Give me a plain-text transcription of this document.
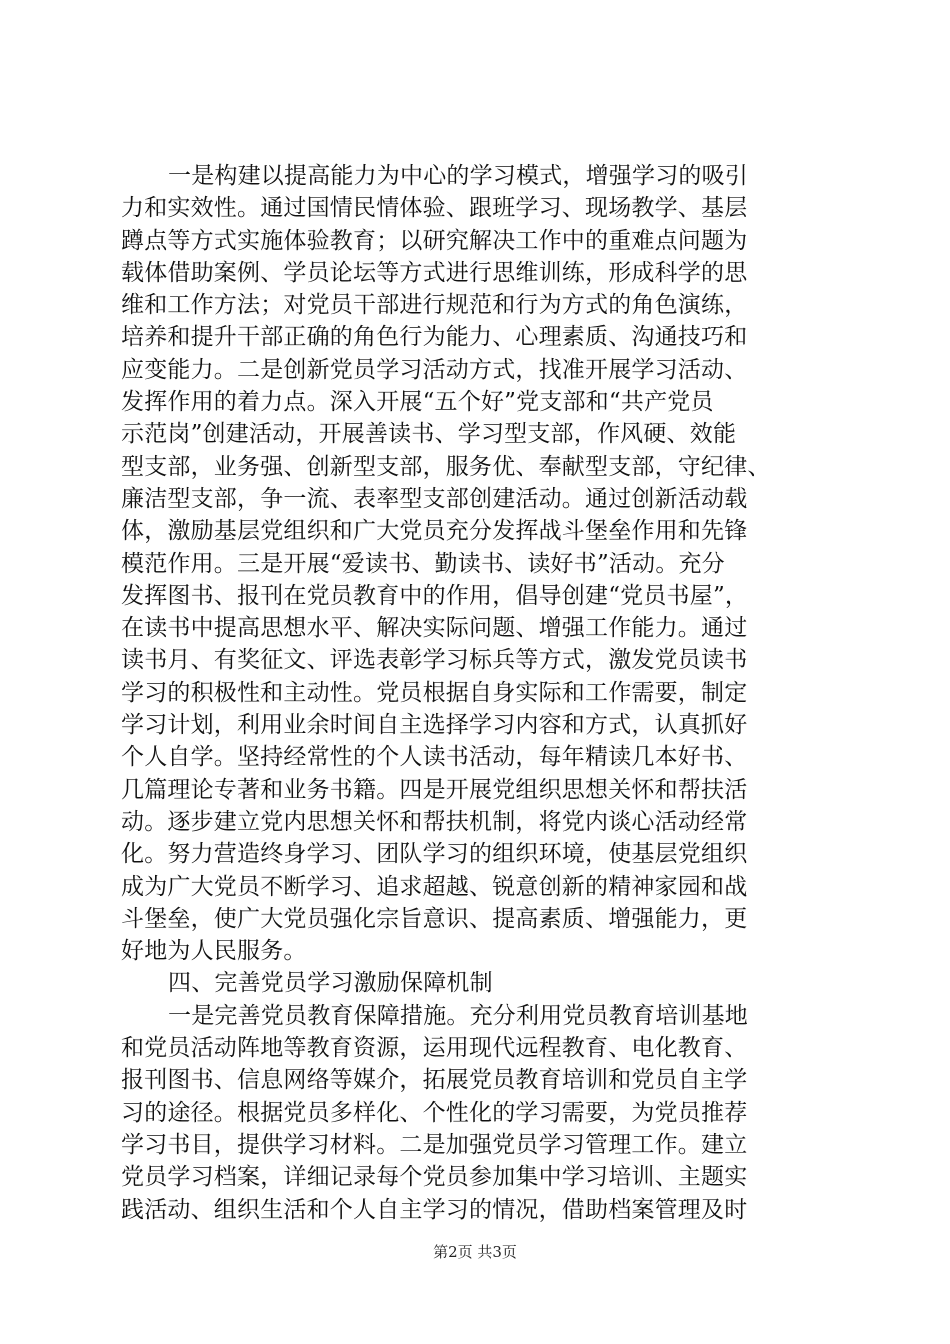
一是构建以提高能力为中心的学习模式，增强学习的吸引
力和实效性。通过国情民情体验、跟班学习、现场教学、基层
蹲点等方式实施体验教育；以研究解决工作中的重难点问题为
载体借助案例、学员论坛等方式进行思维训练，形成科学的思
维和工作方法；对党员干部进行规范和行为方式的角色演练，
培养和提升干部正确的角色行为能力、心理素质、沟通技巧和
应变能力。二是创新党员学习活动方式，找准开展学习活动、
发挥作用的着力点。深入开展“五个好”党支部和“共产党员
示范岗”创建活动，开展善读书、学习型支部，作风硬、效能
型支部，业务强、创新型支部，服务优、奉献型支部，守纪律、
廉洁型支部，争一流、表率型支部创建活动。通过创新活动载
体，激励基层党组织和广大党员充分发挥战斗堡垒作用和先锋
模范作用。三是开展“爱读书、勤读书、读好书”活动。充分
发挥图书、报刊在党员教育中的作用，倡导创建“党员书屋”，
在读书中提高思想水平、解决实际问题、增强工作能力。通过
读书月、有奖征文、评选表彰学习标兵等方式，激发党员读书
学习的积极性和主动性。党员根据自身实际和工作需要，制定
学习计划，利用业余时间自主选择学习内容和方式，认真抓好
个人自学。坚持经常性的个人读书活动，每年精读几本好书、
几篇理论专著和业务书籍。四是开展党组织思想关怀和帮扶活
动。逐步建立党内思想关怀和帮扶机制，将党内谈心活动经常
化。努力营造终身学习、团队学习的组织环境，使基层党组织
成为广大党员不断学习、追求超越、锐意创新的精神家园和战
斗堡垒，使广大党员强化宗旨意识、提高素质、增强能力，更
好地为人民服务。
四、完善党员学习激励保障机制
一是完善党员教育保障措施。充分利用党员教育培训基地
和党员活动阵地等教育资源，运用现代远程教育、电化教育、
报刊图书、信息网络等媒介，拓展党员教育培训和党员自主学
习的途径。根据党员多样化、个性化的学习需要，为党员推荐
学习书目，提供学习材料。二是加强党员学习管理工作。建立
党员学习档案，详细记录每个党员参加集中学习培训、主题实
践活动、组织生活和个人自主学习的情况，借助档案管理及时
第2页 共3页
